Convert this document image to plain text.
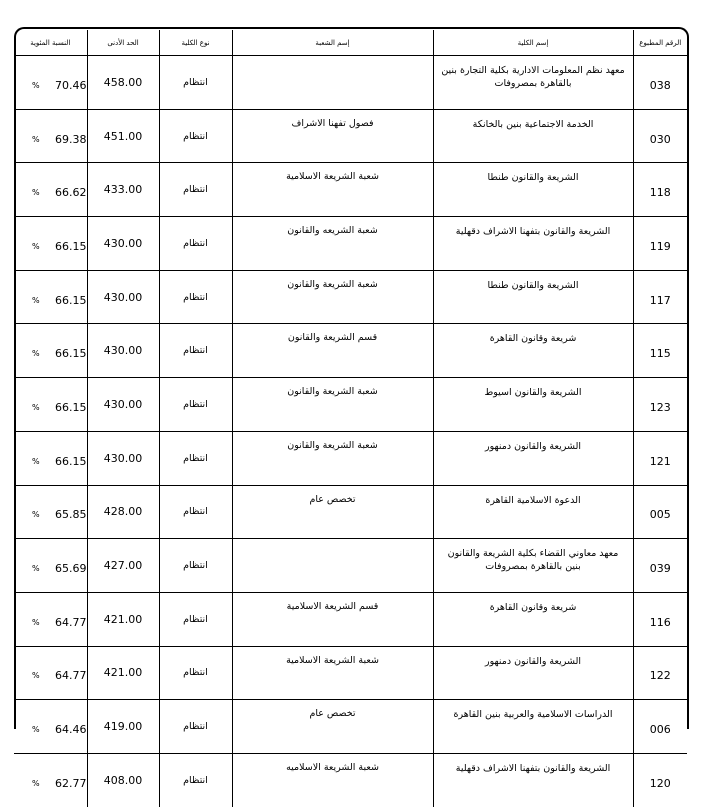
الرقم المطبوع	إسم الكلية	إسم الشعبة	نوع الكلية	الحد الأدنى	النسبة المئوية
038	معهد نظم المعلومات الادارية بكلية التجارة بنين بالقاهرة بمصروفات		انتظام	458.00	% 70.46

030	الخدمة الاجتماعية بنين بالخانكة	فصول تفهنا الاشراف	انتظام	451.00	% 69.38

118	الشريعة والقانون طنطا	شعبة الشريعة الاسلامية	انتظام	433.00	% 66.62

119	الشريعة والقانون بتفهنا الاشراف دقهلية	شعبة الشريعه والقانون	انتظام	430.00	% 66.15

117	الشريعة والقانون طنطا	شعبة الشريعة والقانون	انتظام	430.00	% 66.15

115	شريعة وقانون القاهرة	قسم الشريعة والقانون	انتظام	430.00	% 66.15

123	الشريعة والقانون اسيوط	شعبة الشريعة والقانون	انتظام	430.00	% 66.15

121	الشريعة والقانون دمنهور	شعبة الشريعة والقانون	انتظام	430.00	% 66.15

005	الدعوة الاسلامية القاهرة	تخصص عام	انتظام	428.00	% 65.85

039	معهد معاوني القضاء بكلية الشريعة والقانون بنين بالقاهرة بمصروفات		انتظام	427.00	% 65.69

116	شريعة وقانون القاهرة	قسم الشريعة الاسلامية	انتظام	421.00	% 64.77

122	الشريعة والقانون دمنهور	شعبة الشريعة الاسلامية	انتظام	421.00	% 64.77

006	الدراسات الاسلامية والعربية بنين القاهرة	تخصص عام	انتظام	419.00	% 64.46

120	الشريعة والقانون بتفهنا الاشراف دقهلية	شعبة الشريعة الاسلاميه	انتظام	408.00	% 62.77
